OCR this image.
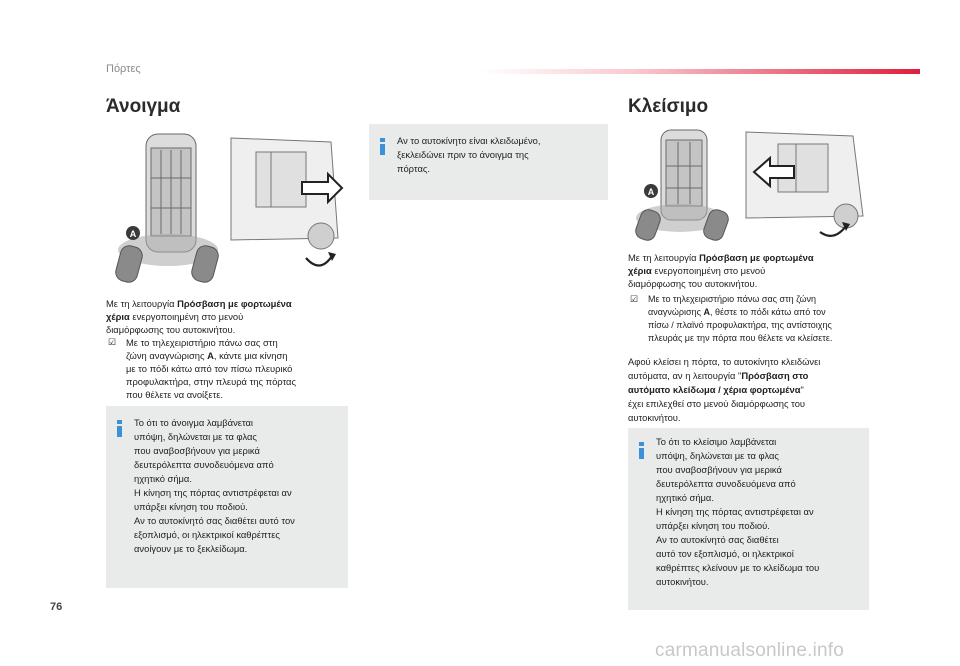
Πόρτες
Άνοιγμα
A
Με τη λειτουργία Πρόσβαση με φορτωμένα
χέρια ενεργοποιημένη στο μενού
διαμόρφωσης του αυτοκινήτου.
☑ Με το τηλεχειριστήριο πάνω σας στη
ζώνη αναγνώρισης A, κάντε μια κίνηση
με το πόδι κάτω από τον πίσω πλευρικό
προφυλακτήρα, στην πλευρά της πόρτας
που θέλετε να ανοίξετε.
Το ότι το άνοιγμα λαμβάνεται
υπόψη, δηλώνεται με τα φλας
που αναβοσβήνουν για μερικά
δευτερόλεπτα συνοδευόμενα από
ηχητικό σήμα.
Η κίνηση της πόρτας αντιστρέφεται αν
υπάρξει κίνηση του ποδιού.
Αν το αυτοκίνητό σας διαθέτει αυτό τον
εξοπλισμό, οι ηλεκτρικοί καθρέπτες
ανοίγουν με το ξεκλείδωμα.
Αν το αυτοκίνητο είναι κλειδωμένο,
ξεκλειδώνει πριν το άνοιγμα της
πόρτας.
Κλείσιμο
A
Με τη λειτουργία Πρόσβαση με φορτωμένα
χέρια ενεργοποιημένη στο μενού
διαμόρφωσης του αυτοκινήτου.
☑ Με το τηλεχειριστήριο πάνω σας στη ζώνη
αναγνώρισης A, θέστε το πόδι κάτω από τον
πίσω / πλαϊνό προφυλακτήρα, της αντίστοιχης
πλευράς με την πόρτα που θέλετε να κλείσετε.
Αφού κλείσει η πόρτα, το αυτοκίνητο κλειδώνει
αυτόματα, αν η λειτουργία "Πρόσβαση στο
αυτόματο κλείδωμα / χέρια φορτωμένα"
έχει επιλεχθεί στο μενού διαμόρφωσης του
αυτοκινήτου.
Το ότι το κλείσιμο λαμβάνεται
υπόψη, δηλώνεται με τα φλας
που αναβοσβήνουν για μερικά
δευτερόλεπτα συνοδευόμενα από
ηχητικό σήμα.
Η κίνηση της πόρτας αντιστρέφεται αν
υπάρξει κίνηση του ποδιού.
Αν το αυτοκίνητό σας διαθέτει
αυτό τον εξοπλισμό, οι ηλεκτρικοί
καθρέπτες κλείνουν με το κλείδωμα του
αυτοκινήτου.
76
carmanualsonline.info
